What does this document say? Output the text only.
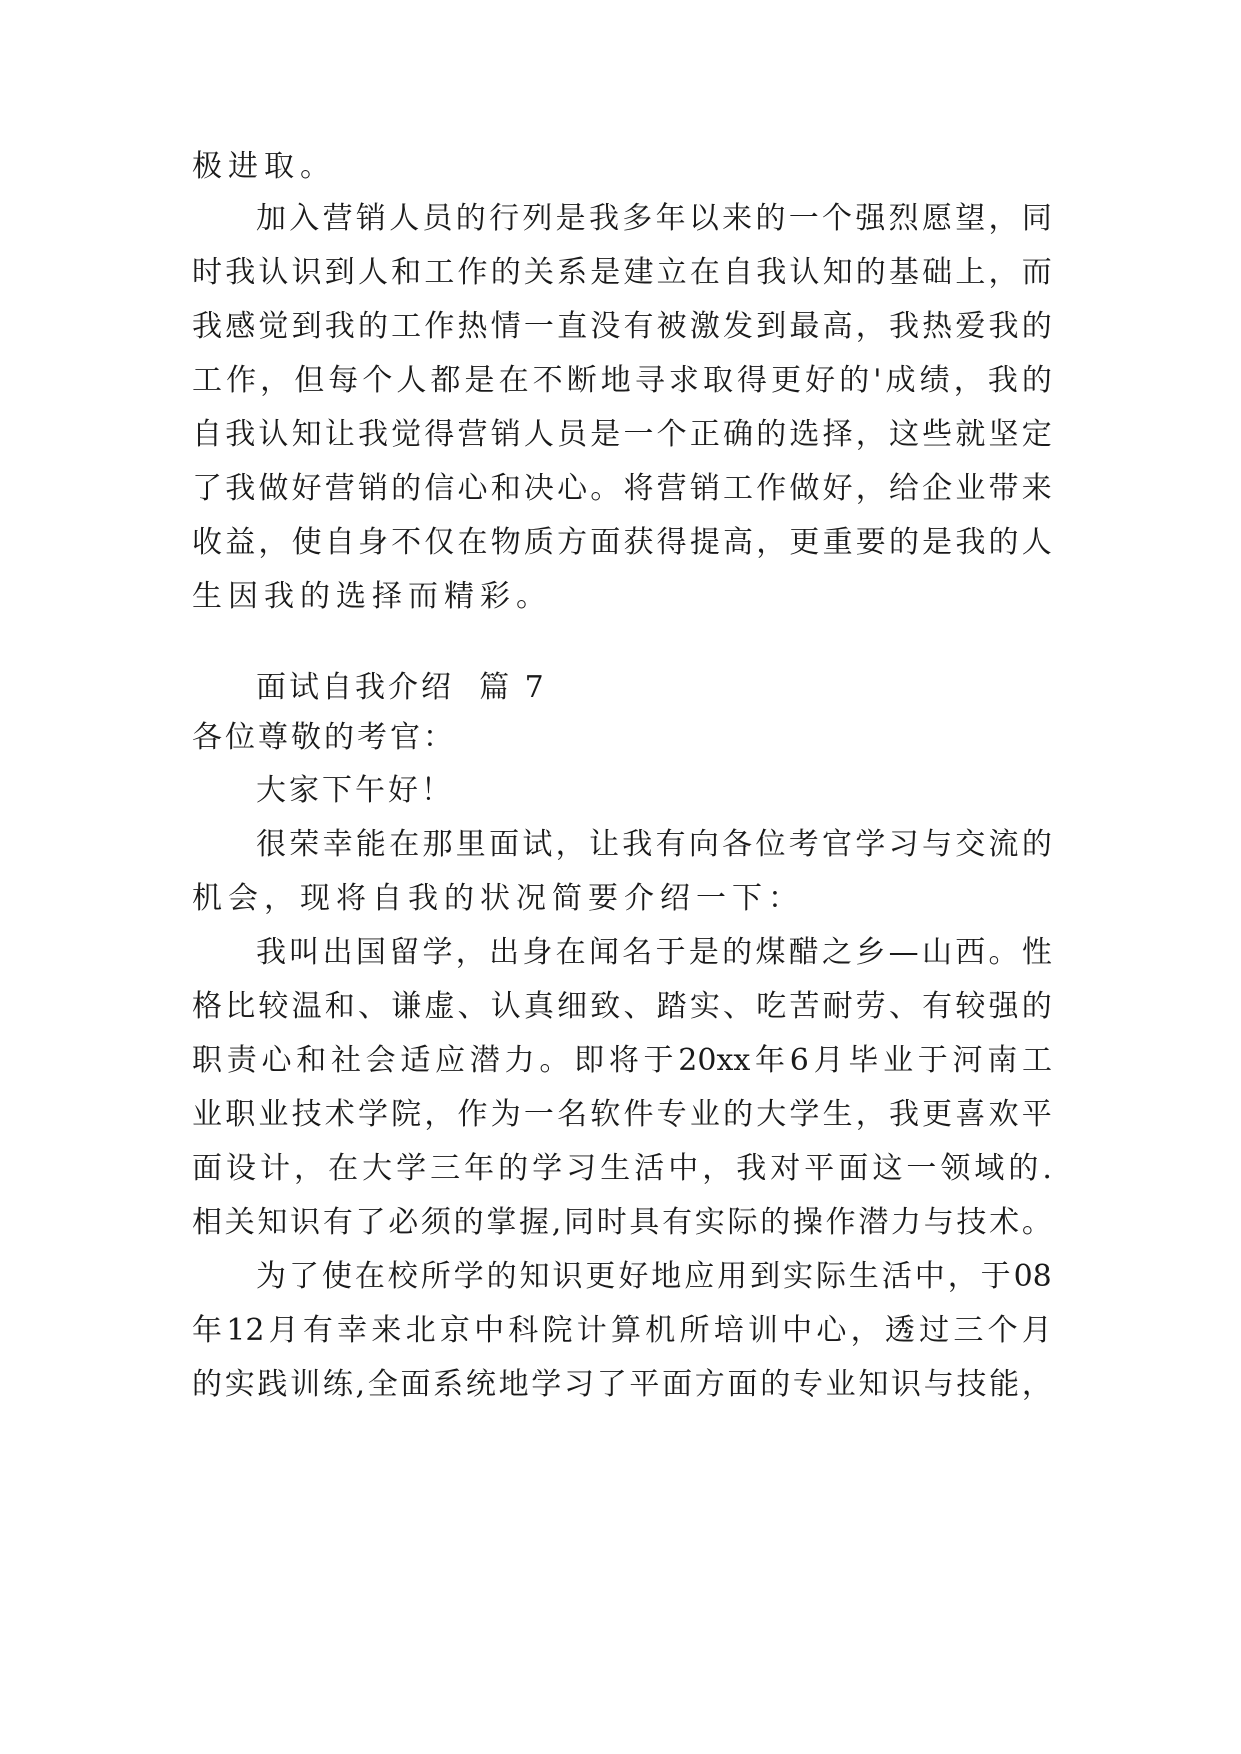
极进取。
加 入 营 销 人 员 的 行 列 是 我 多 年 以 来 的 一 个 强 烈 愿 望 ， 同
时 我 认 识 到 人 和 工 作 的 关 系 是 建 立 在 自 我 认 知 的 基 础 上 ， 而
我 感 觉 到 我 的 工 作 热 情 一 直 没 有 被 激 发 到 最 高 ， 我 热 爱 我 的
工 作 ， 但 每 个 人 都 是 在 不 断 地 寻 求 取 得 更 好 的 ' 成 绩 ， 我 的
自 我 认 知 让 我 觉 得 营 销 人 员 是 一 个 正 确 的 选 择 ， 这 些 就 坚 定
了 我 做 好 营 销 的 信 心 和 决 心 。 将 营 销 工 作 做 好 ， 给 企 业 带 来
收 益 ， 使 自 身 不 仅 在 物 质 方 面 获 得 提 高 ， 更 重 要 的 是 我 的 人
生因我的选择而精彩。
面试自我介绍  篇 7
各位尊敬的考官：
大家下午好！
很 荣 幸 能 在 那 里 面 试 ， 让 我 有 向 各 位 考 官 学 习 与 交 流 的
机会，现将自我的状况简要介绍一下：
我 叫 出 国 留 学 ， 出 身 在 闻 名 于 是 的 煤 醋 之 乡 — 山 西 。 性
格 比 较 温 和 、 谦 虚 、 认 真 细 致 、 踏 实 、 吃 苦 耐 劳 、 有 较 强 的
职 责 心 和 社 会 适 应 潜 力 。 即 将 于 20xx 年 6 月 毕 业 于 河 南 工
业 职 业 技 术 学 院 ， 作 为 一 名 软 件 专 业 的 大 学 生 ， 我 更 喜 欢 平
面 设 计 ， 在 大 学 三 年 的 学 习 生 活 中 ， 我 对 平 面 这 一 领 域 的 .
相 关 知 识 有 了 必 须 的 掌 握 , 同 时 具 有 实 际 的 操 作 潜 力 与 技 术 。
为 了 使 在 校 所 学 的 知 识 更 好 地 应 用 到 实 际 生 活 中 ， 于 08
年 12 月 有 幸 来 北 京 中 科 院 计 算 机 所 培 训 中 心 ， 透 过 三 个 月
的 实 践 训 练 , 全 面 系 统 地 学 习 了 平 面 方 面 的 专 业 知 识 与 技 能 ，
